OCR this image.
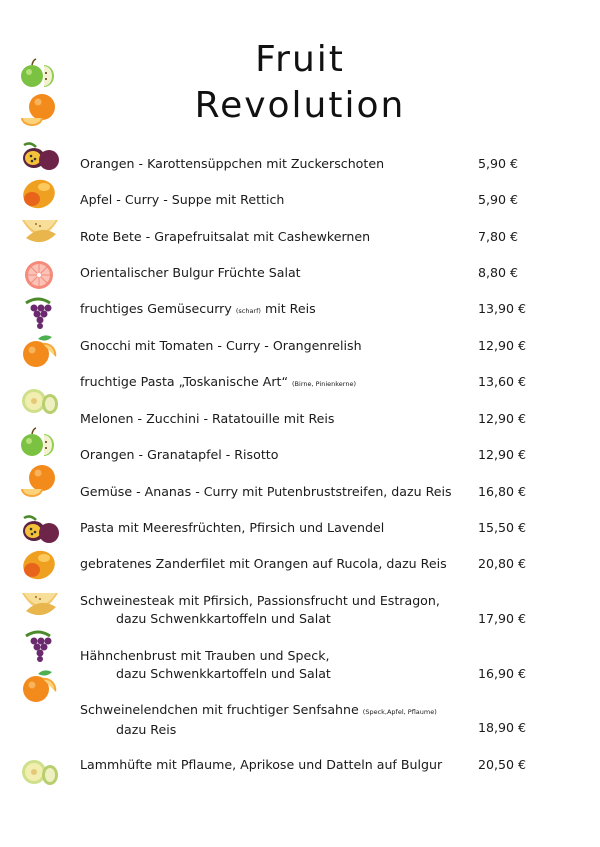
Fruit
Revolution
Orangen - Karottensüppchen mit Zuckerschoten	5,90 €
Apfel - Curry - Suppe mit Rettich	5,90 €
Rote Bete - Grapefruitsalat mit Cashewkernen	7,80 €
Orientalischer Bulgur Früchte Salat	8,80 €
fruchtiges Gemüsecurry (scharf) mit Reis	13,90 €
Gnocchi mit Tomaten - Curry - Orangenrelish	12,90 €
fruchtige Pasta „Toskanische Art“ (Birne, Pinienkerne)	13,60 €
Melonen - Zucchini - Ratatouille mit Reis	12,90 €
Orangen - Granatapfel - Risotto	12,90 €
Gemüse - Ananas - Curry mit Putenbruststreifen, dazu Reis 16,80 €
Pasta mit Meeresfrüchten, Pfirsich und Lavendel	15,50 €
gebratenes Zanderfilet mit Orangen auf Rucola, dazu Reis 20,80 €
Schweinesteak mit Pfirsich, Passionsfrucht und Estragon,
dazu Schwenkkartoffeln und Salat	17,90 €
Hähnchenbrust mit Trauben und Speck,
dazu Schwenkkartoffeln und Salat	16,90 €
Schweinelendchen mit fruchtiger Senfsahne (Speck,Apfel, Pflaume)
dazu Reis	18,90 €
Lammhüfte mit Pflaume, Aprikose und Datteln auf Bulgur	20,50 €
